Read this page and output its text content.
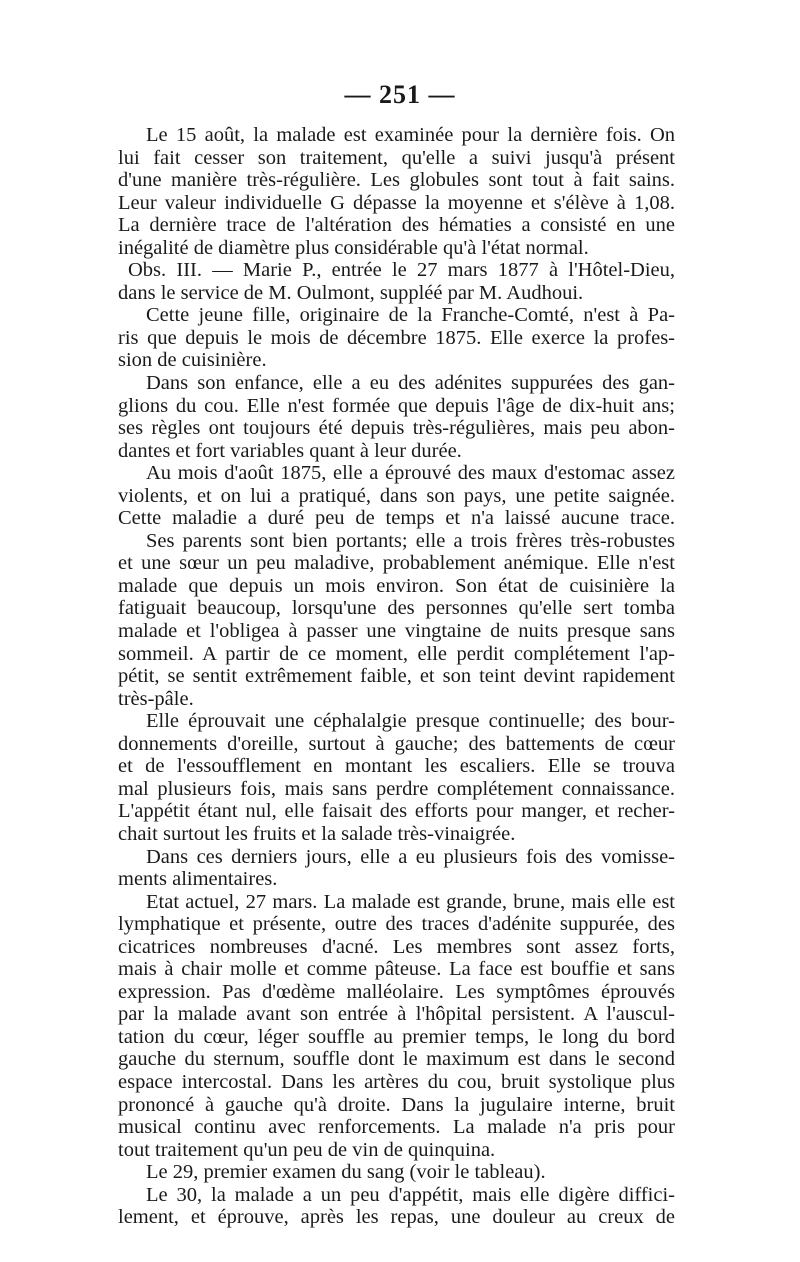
— 251 —
Le 15 août, la malade est examinée pour la dernière fois. On
lui fait cesser son traitement, qu'elle a suivi jusqu'à présent
d'une manière très-régulière. Les globules sont tout à fait sains.
Leur valeur individuelle G dépasse la moyenne et s'élève à 1,08.
La dernière trace de l'altération des hématies a consisté en une
inégalité de diamètre plus considérable qu'à l'état normal.
Obs. III. — Marie P., entrée le 27 mars 1877 à l'Hôtel-Dieu,
dans le service de M. Oulmont, suppléé par M. Audhoui.
Cette jeune fille, originaire de la Franche-Comté, n'est à Pa-
ris que depuis le mois de décembre 1875. Elle exerce la profes-
sion de cuisinière.
Dans son enfance, elle a eu des adénites suppurées des gan-
glions du cou. Elle n'est formée que depuis l'âge de dix-huit ans;
ses règles ont toujours été depuis très-régulières, mais peu abon-
dantes et fort variables quant à leur durée.
Au mois d'août 1875, elle a éprouvé des maux d'estomac assez
violents, et on lui a pratiqué, dans son pays, une petite saignée.
Cette maladie a duré peu de temps et n'a laissé aucune trace.
Ses parents sont bien portants; elle a trois frères très-robustes
et une sœur un peu maladive, probablement anémique. Elle n'est
malade que depuis un mois environ. Son état de cuisinière la
fatiguait beaucoup, lorsqu'une des personnes qu'elle sert tomba
malade et l'obligea à passer une vingtaine de nuits presque sans
sommeil. A partir de ce moment, elle perdit complétement l'ap-
pétit, se sentit extrêmement faible, et son teint devint rapidement
très-pâle.
Elle éprouvait une céphalalgie presque continuelle; des bour-
donnements d'oreille, surtout à gauche; des battements de cœur
et de l'essoufflement en montant les escaliers. Elle se trouva
mal plusieurs fois, mais sans perdre complétement connaissance.
L'appétit étant nul, elle faisait des efforts pour manger, et recher-
chait surtout les fruits et la salade très-vinaigrée.
Dans ces derniers jours, elle a eu plusieurs fois des vomisse-
ments alimentaires.
Etat actuel, 27 mars. La malade est grande, brune, mais elle est
lymphatique et présente, outre des traces d'adénite suppurée, des
cicatrices nombreuses d'acné. Les membres sont assez forts,
mais à chair molle et comme pâteuse. La face est bouffie et sans
expression. Pas d'œdème malléolaire. Les symptômes éprouvés
par la malade avant son entrée à l'hôpital persistent. A l'auscul-
tation du cœur, léger souffle au premier temps, le long du bord
gauche du sternum, souffle dont le maximum est dans le second
espace intercostal. Dans les artères du cou, bruit systolique plus
prononcé à gauche qu'à droite. Dans la jugulaire interne, bruit
musical continu avec renforcements. La malade n'a pris pour
tout traitement qu'un peu de vin de quinquina.
Le 29, premier examen du sang (voir le tableau).
Le 30, la malade a un peu d'appétit, mais elle digère diffici-
lement, et éprouve, après les repas, une douleur au creux de
